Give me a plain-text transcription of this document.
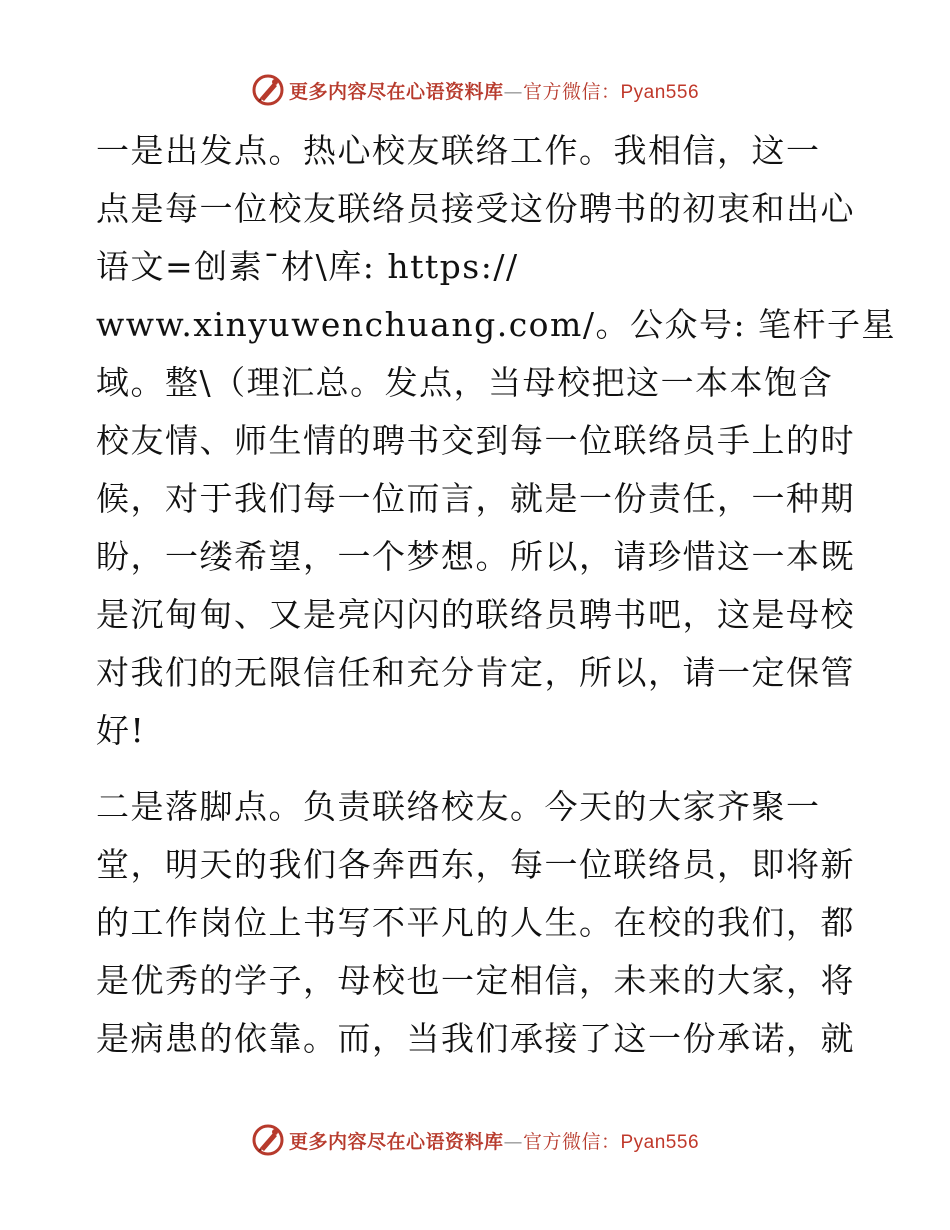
更多内容尽在心语资料库—官方微信：Pyan556
一是出发点。热心校友联络工作。我相信，这一
点是每一位校友联络员接受这份聘书的初衷和出心
语文=创素¯材\库: https://
www.xinyuwenchuang.com/。公众号: 笔杆子星
域。整\（理汇总。发点，当母校把这一本本饱含
校友情、师生情的聘书交到每一位联络员手上的时
候，对于我们每一位而言，就是一份责任，一种期
盼，一缕希望，一个梦想。所以，请珍惜这一本既
是沉甸甸、又是亮闪闪的联络员聘书吧，这是母校
对我们的无限信任和充分肯定，所以，请一定保管
好!
二是落脚点。负责联络校友。今天的大家齐聚一
堂，明天的我们各奔西东，每一位联络员，即将新
的工作岗位上书写不平凡的人生。在校的我们，都
是优秀的学子，母校也一定相信，未来的大家，将
是病患的依靠。而，当我们承接了这一份承诺，就
更多内容尽在心语资料库—官方微信：Pyan556
